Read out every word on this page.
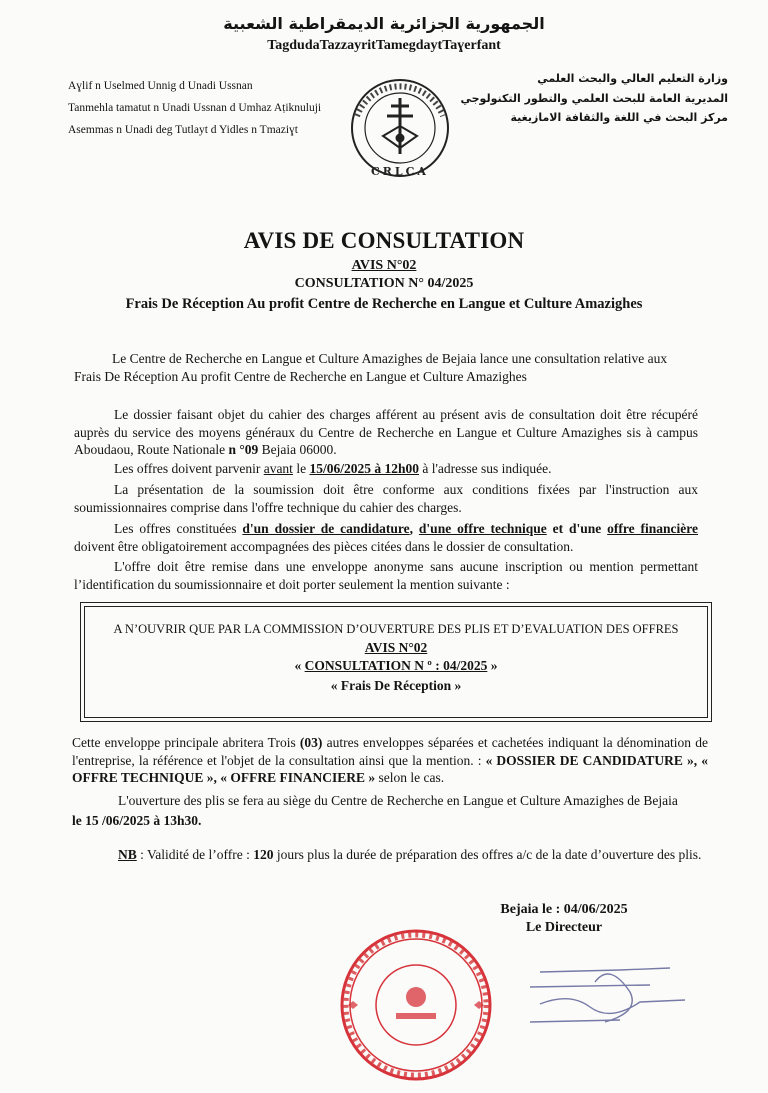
الجمهورية الجزائرية الديمقراطية الشعبية
TagdudaTazzayritTamegdaytTaɣerfant
Aɣlif n Uselmed Unnig d Unadi Ussnan
Tanmehla tamatut n Unadi Ussnan d Umhaz Aṭiknuluji
Asemmas n Unadi deg Tutlayt d Yidles n Tmaziɣt
وزارة التعليم العالي والبحث العلمي
المديرية العامة للبحث العلمي والتطور التكنولوجي
مركز البحث في اللغة والثقافة الامازيغية
CRLCA
AVIS DE CONSULTATION
AVIS N°02
CONSULTATION N° 04/2025
Frais De Réception Au profit Centre de Recherche en Langue et Culture Amazighes
Le Centre de Recherche en Langue et Culture Amazighes de Bejaia lance une consultation relative aux
Frais De Réception Au profit Centre de Recherche en Langue et Culture Amazighes
Le dossier faisant objet du cahier des charges afférent au présent avis de consultation doit être récupéré auprès du service des moyens généraux du Centre de Recherche en Langue et Culture Amazighes sis à campus Aboudaou, Route Nationale n °09 Bejaia 06000.
Les offres doivent parvenir avant le 15/06/2025 à 12h00 à l'adresse sus indiquée.
La présentation de la soumission doit être conforme aux conditions fixées par l'instruction aux soumissionnaires comprise dans l'offre technique du cahier des charges.
Les offres constituées d'un dossier de candidature, d'une offre technique et d'une offre financière doivent être obligatoirement accompagnées des pièces citées dans le dossier de consultation.
L'offre doit être remise dans une enveloppe anonyme sans aucune inscription ou mention permettant l’identification du soumissionnaire et doit porter seulement la mention suivante :
A N’OUVRIR QUE PAR LA COMMISSION D’OUVERTURE DES PLIS ET D’EVALUATION DES OFFRES
AVIS N°02
« CONSULTATION N º : 04/2025 »
« Frais De Réception »
Cette enveloppe principale abritera Trois (03) autres enveloppes séparées et cachetées indiquant la dénomination de l'entreprise, la référence et l'objet de la consultation ainsi que la mention. : « DOSSIER DE CANDIDATURE », « OFFRE TECHNIQUE », « OFFRE FINANCIERE » selon le cas.
L'ouverture des plis se fera au siège du Centre de Recherche en Langue et Culture Amazighes de Bejaia
le 15 /06/2025 à 13h30.
NB : Validité de l’offre : 120 jours plus la durée de préparation des offres a/c de la date d’ouverture des plis.
Bejaia le : 04/06/2025
Le Directeur
